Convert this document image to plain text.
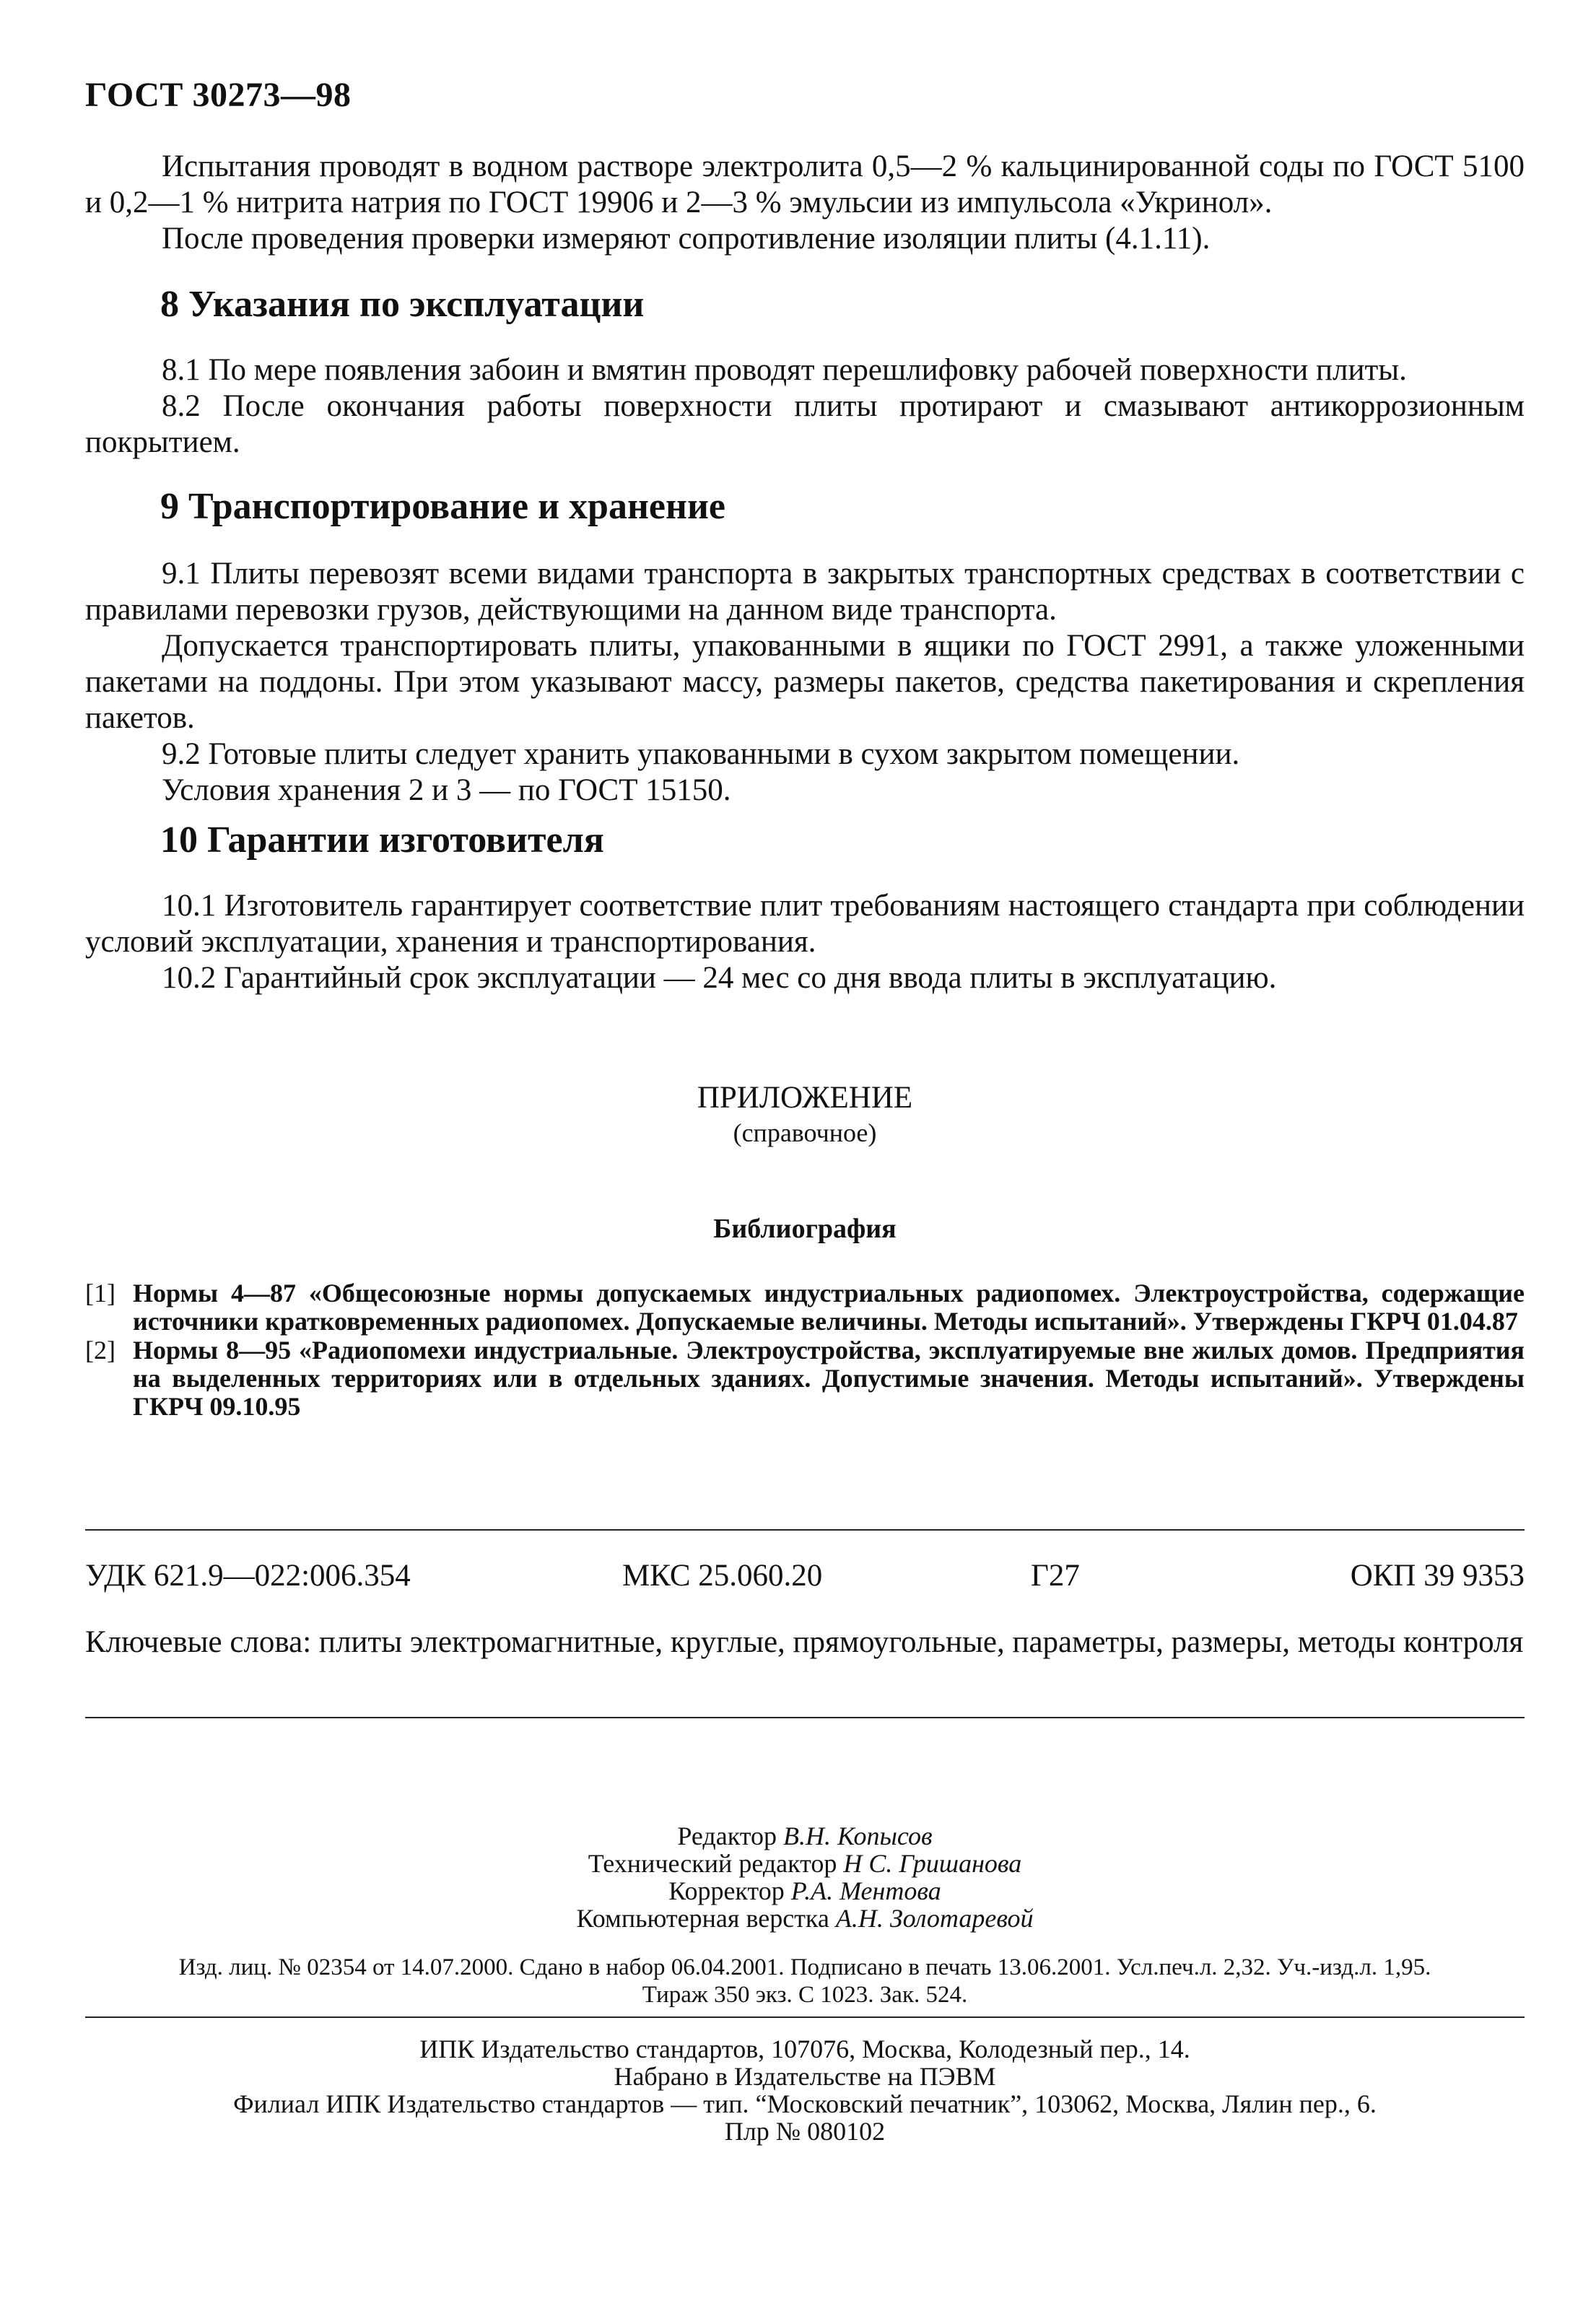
ГОСТ 30273—98

Испытания проводят в водном растворе электролита 0,5—2 % кальцинированной соды по ГОСТ 5100 и 0,2—1 % нитрита натрия по ГОСТ 19906 и 2—3 % эмульсии из импульсола «Укринол».

После проведения проверки измеряют сопротивление изоляции плиты (4.1.11).

8 Указания по эксплуатации

8.1 По мере появления забоин и вмятин проводят перешлифовку рабочей поверхности плиты.

8.2 После окончания работы поверхности плиты протирают и смазывают антикоррозионным покрытием.

9 Транспортирование и хранение

9.1 Плиты перевозят всеми видами транспорта в закрытых транспортных средствах в соответствии с правилами перевозки грузов, действующими на данном виде транспорта.

Допускается транспортировать плиты, упакованными в ящики по ГОСТ 2991, а также уложенными пакетами на поддоны. При этом указывают массу, размеры пакетов, средства пакетирования и скрепления пакетов.

9.2 Готовые плиты следует хранить упакованными в сухом закрытом помещении.

Условия хранения 2 и 3 — по ГОСТ 15150.

10 Гарантии изготовителя

10.1 Изготовитель гарантирует соответствие плит требованиям настоящего стандарта при соблюдении условий эксплуатации, хранения и транспортирования.

10.2 Гарантийный срок эксплуатации — 24 мес со дня ввода плиты в эксплуатацию.

ПРИЛОЖЕНИЕ
(справочное)
Библиография
[1] Нормы 4—87 «Общесоюзные нормы допускаемых индустриальных радиопомех. Электроустройства, содержащие источники кратковременных радиопомех. Допускаемые величины. Методы испытаний». Утверждены ГКРЧ 01.04.87
[2] Нормы 8—95 «Радиопомехи индустриальные. Электроустройства, эксплуатируемые вне жилых домов. Предприятия на выделенных территориях или в отдельных зданиях. Допустимые значения. Методы испытаний». Утверждены ГКРЧ 09.10.95
УДК 621.9—022:006.354	МКС 25.060.20	Г27	ОКП 39 9353
Ключевые слова: плиты электромагнитные, круглые, прямоугольные, параметры, размеры, методы контроля
Редактор В.Н. Копысов
Технический редактор Н С. Гришанова
Корректор Р.А. Ментова
Компьютерная верстка А.Н. Золотаревой
Изд. лиц. № 02354 от 14.07.2000. Сдано в набор 06.04.2001. Подписано в печать 13.06.2001. Усл.печ.л. 2,32. Уч.-изд.л. 1,95.
Тираж 350 экз. С 1023. Зак. 524.
ИПК Издательство стандартов, 107076, Москва, Колодезный пер., 14.
Набрано в Издательстве на ПЭВМ
Филиал ИПК Издательство стандартов — тип. “Московский печатник”, 103062, Москва, Лялин пер., 6.
Плр № 080102
